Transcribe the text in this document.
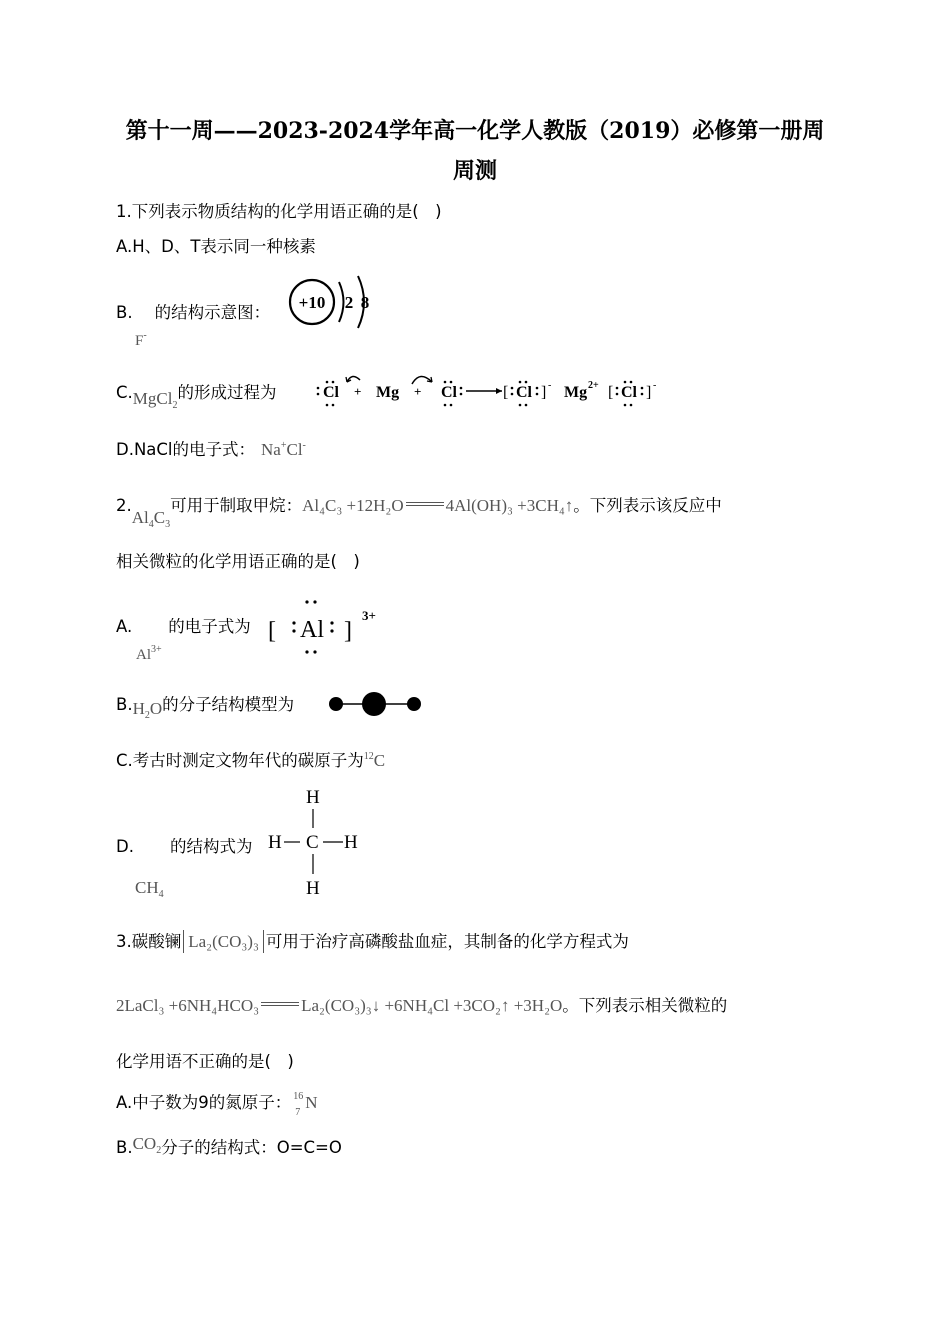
第十一周——2023-2024学年高一化学人教版（2019）必修第一册周
周测
1.下列表示物质结构的化学用语正确的是(　)
A.H、D、T表示同一种核素
B. 的结构示意图：
F-
+10 2 8
C.MgCl$_2$的形成过程为	Cl + Mg + Cl	[ Cl ] - Mg 2+ [ Cl ] -
D.NaCl的电子式： Na+Cl-
$2.Al_4C_3$可用于制取甲烷：Al₄C₃ +12H₂O 4Al(OH)₃ +3CH₄↑。下列表示该反应中
相关微粒的化学用语正确的是(　)
A. 的电子式为
$Al^{3+}$
[	]
Al
3+
$B.H_2O$的分子结构模型为
C.考古时测定文物年代的碳原子为$^{12}$C
D. 的结构式为
$CH_4$
H
H C H
H
3.碳酸镧 La₂(CO₃)₃ 可用于治疗高磷酸盐血症，其制备的化学方程式为
2LaCl₃ +6NH₄HCO₃ La₂(CO₃)₃↓ +6NH₄Cl +3CO₂↑ +3H₂O。下列表示相关微粒的
化学用语不正确的是(　)
A.中子数为9的氮原子： 16
7
N
$B.CO_2$分子的结构式：O=C=O
